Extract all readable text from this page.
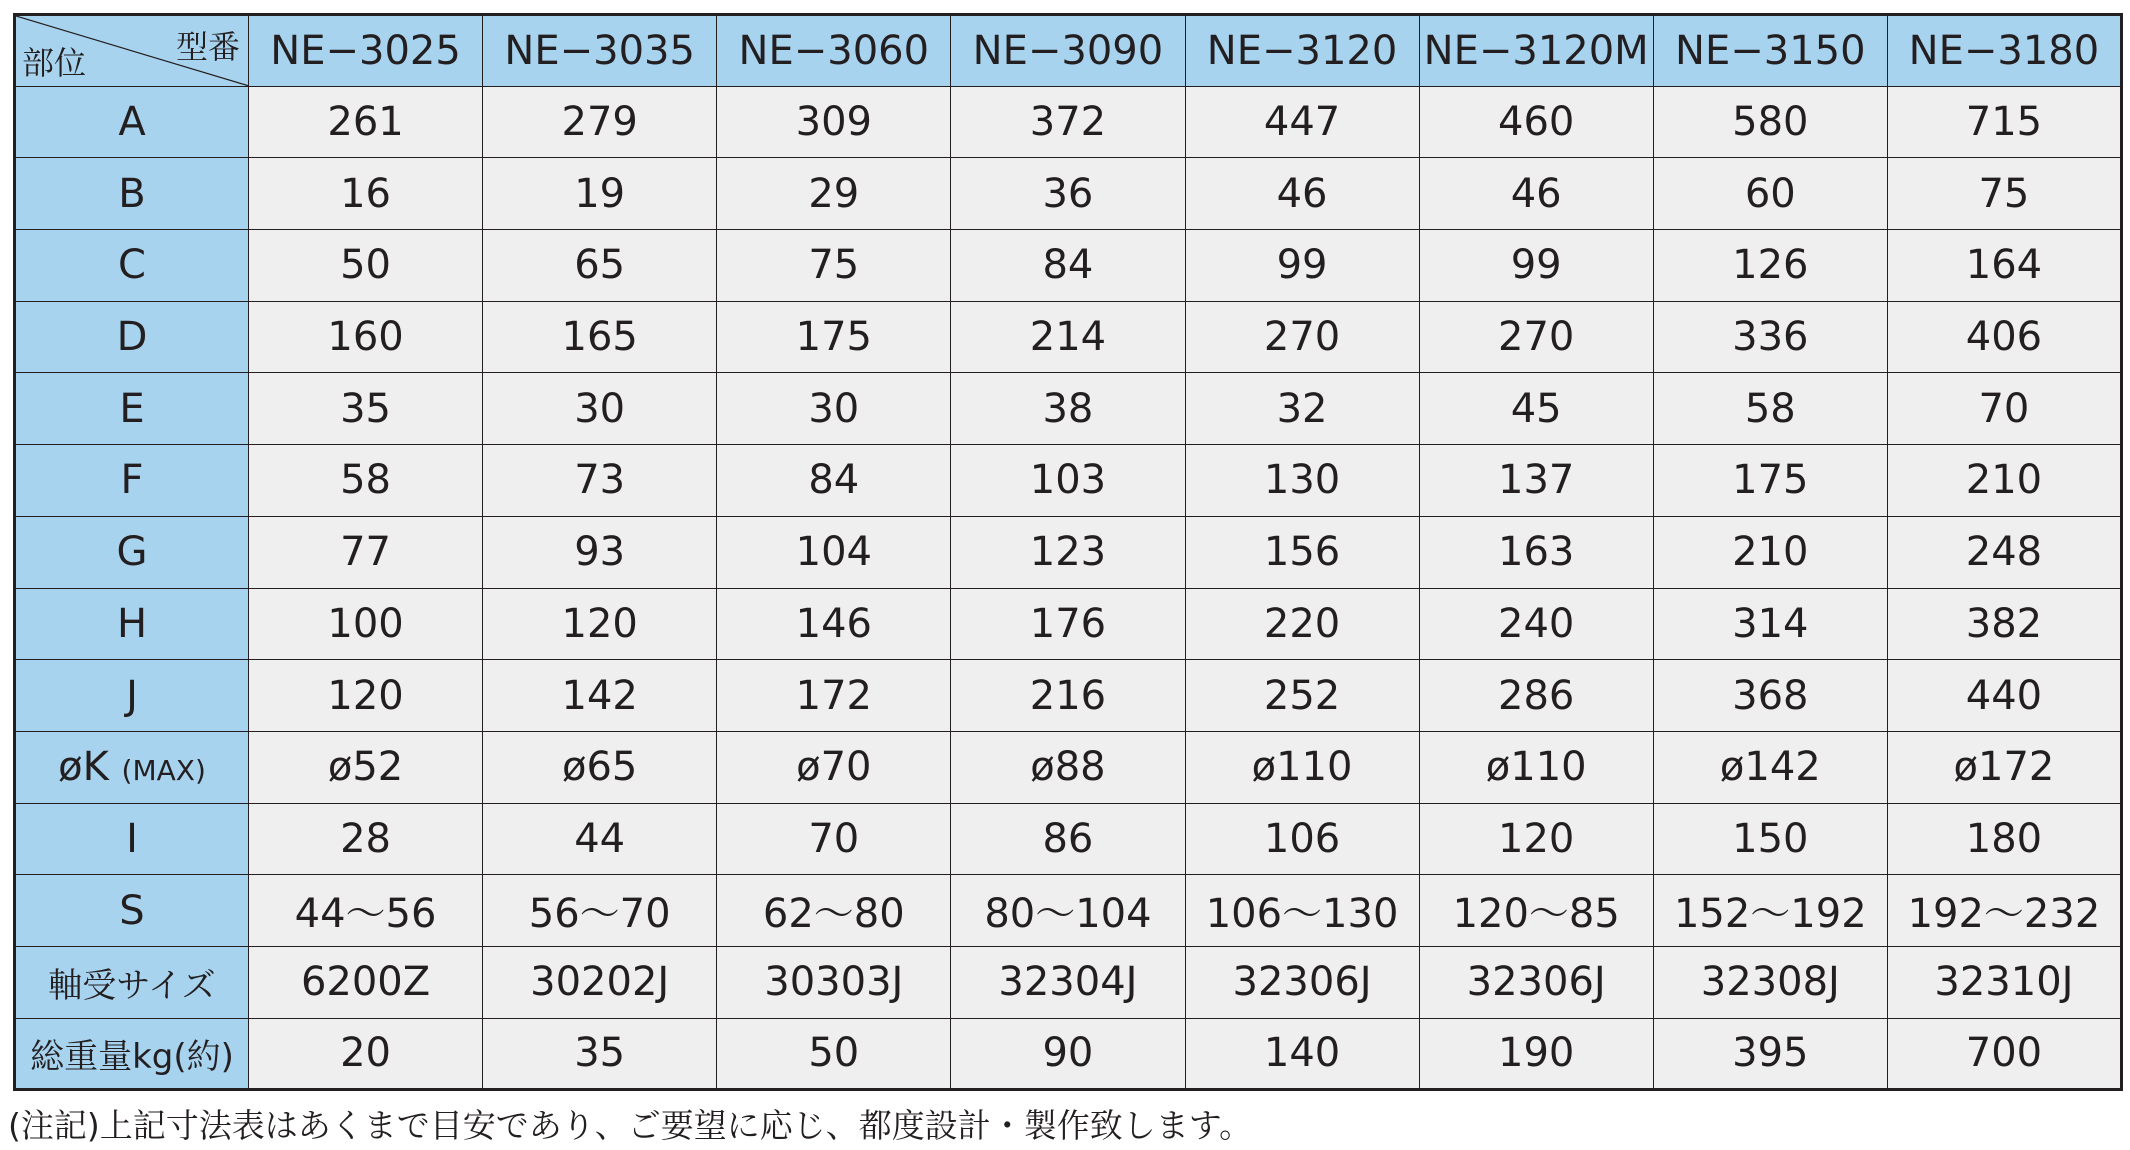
型番
部位	NE−3025	NE−3035	NE−3060	NE−3090	NE−3120	NE−3120M	NE−3150	NE−3180
A	261	279	309	372	447	460	580	715
B	16	19	29	36	46	46	60	75
C	50	65	75	84	99	99	126	164
D	160	165	175	214	270	270	336	406
E	35	30	30	38	32	45	58	70
F	58	73	84	103	130	137	175	210
G	77	93	104	123	156	163	210	248
H	100	120	146	176	220	240	314	382
J	120	142	172	216	252	286	368	440
øK (MAX)	ø52	ø65	ø70	ø88	ø110	ø110	ø142	ø172
I	28	44	70	86	106	120	150	180
S	44〜56	56〜70	62〜80	80〜104	106〜130	120〜85	152〜192	192〜232
軸受サイズ	6200Z	30202J	30303J	32304J	32306J	32306J	32308J	32310J
総重量kg(約)	20	35	50	90	140	190	395	700
(注記)上記寸法表はあくまで目安であり、ご要望に応じ、都度設計・製作致します。
